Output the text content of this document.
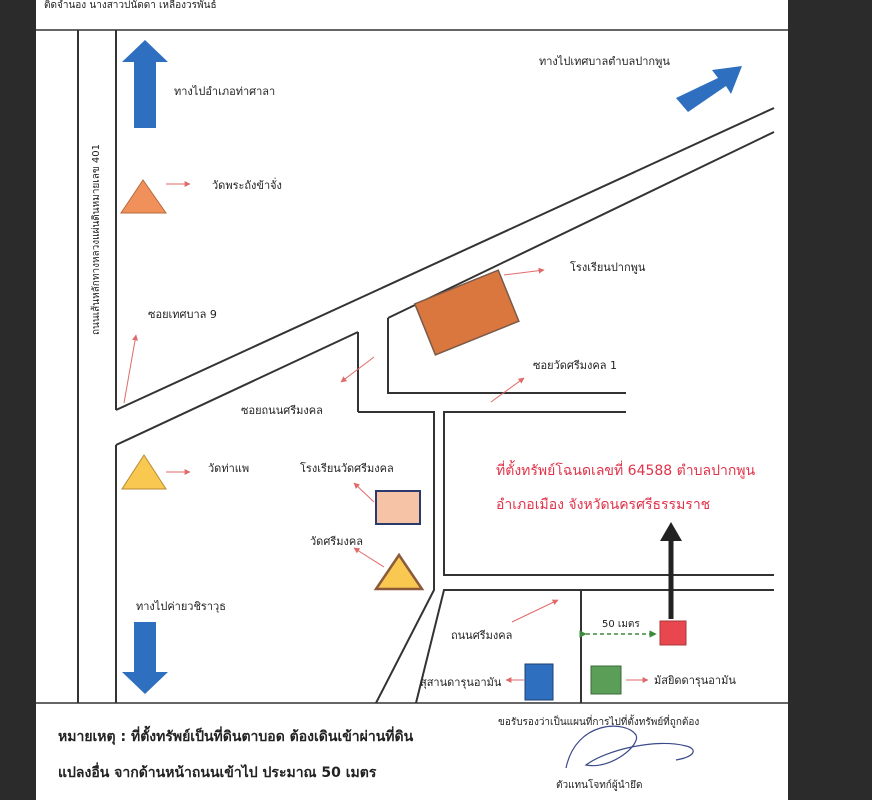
ติดจำนอง นางสาวปนัดดา เหลืองวรพันธ์
ทางไปอำเภอท่าศาลา
ทางไปเทศบาลตำบลปากพูน
ถนนเส้นหลักทางหลวงแผ่นดินหมายเลข 401	วัดพระถังข้าจั่ง
โรงเรียนปากพูน
ซอยเทศบาล 9
ซอยวัดศรีมงคล 1
ซอยถนนศรีมงคล
วัดท่าแพ	โรงเรียนวัดศรีมงคล
วัดศรีมงคล
ทางไปค่ายวชิราวุธ
ถนนศรีมงคล
50 เมตร
สุสานดารุนอามัน	มัสยิดดารุนอามัน
ที่ตั้งทรัพย์โฉนดเลขที่ 64588 ตำบลปากพูน
อำเภอเมือง จังหวัดนครศรีธรรมราช
หมายเหตุ : ที่ตั้งทรัพย์เป็นที่ดินตาบอด ต้องเดินเข้าผ่านที่ดิน
แปลงอื่น จากด้านหน้าถนนเข้าไป ประมาณ 50 เมตร
ขอรับรองว่าเป็นแผนที่การไปที่ตั้งทรัพย์ที่ถูกต้อง
ตัวแทนโจทก์ผู้นำยึด
